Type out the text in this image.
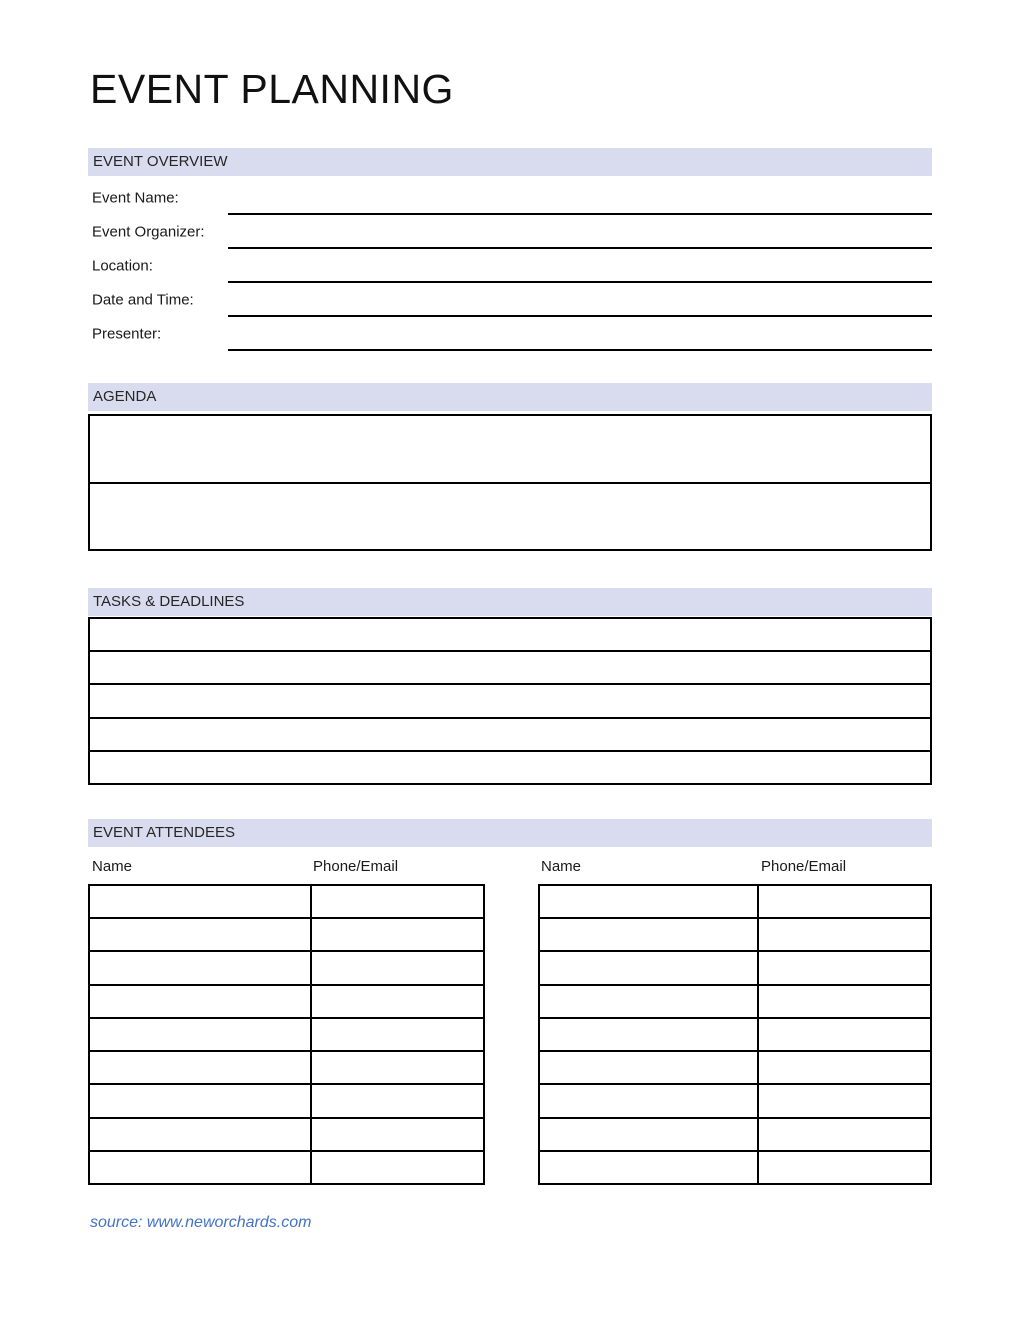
EVENT PLANNING
EVENT OVERVIEW
Event Name:
Event Organizer:
Location:
Date and Time:
Presenter:
AGENDA
TASKS & DEADLINES
EVENT ATTENDEES
Name	Phone/Email	Name	Phone/Email
source: www.neworchards.com
